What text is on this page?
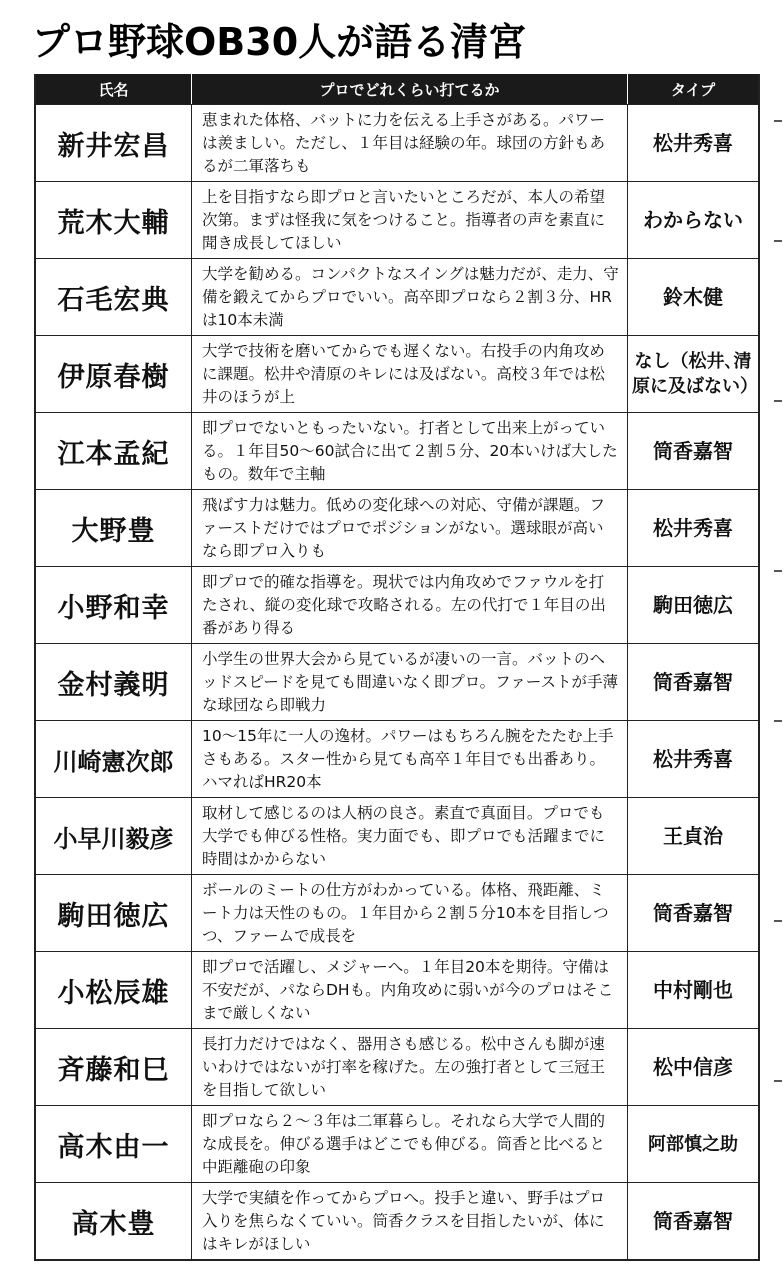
プロ野球OB30人が語る清宮
氏名	プロでどれくらい打てるか	タイプ
新井宏昌
恵まれた体格、バットに力を伝える上手さがある。パワーは羨ましい。ただし、１年目は経験の年。球団の方針もあるが二軍落ちも
松井秀喜
荒木大輔
上を目指すなら即プロと言いたいところだが、本人の希望次第。まずは怪我に気をつけること。指導者の声を素直に聞き成長してほしい
わからない
石毛宏典
大学を勧める。コンパクトなスイングは魅力だが、走力、守備を鍛えてからプロでいい。高卒即プロなら２割３分、HRは10本未満
鈴木健
伊原春樹
大学で技術を磨いてからでも遅くない。右投手の内角攻めに課題。松井や清原のキレには及ばない。高校３年では松井のほうが上
なし（松井､清原に及ばない）
江本孟紀
即プロでないともったいない。打者として出来上がっている。１年目50～60試合に出て２割５分、20本いけば大したもの。数年で主軸
筒香嘉智
大野豊
飛ばす力は魅力。低めの変化球への対応、守備が課題。ファーストだけではプロでポジションがない。選球眼が高いなら即プロ入りも
松井秀喜
小野和幸
即プロで的確な指導を。現状では内角攻めでファウルを打たされ、縦の変化球で攻略される。左の代打で１年目の出番があり得る
駒田徳広
金村義明
小学生の世界大会から見ているが凄いの一言。バットのヘッドスピードを見ても間違いなく即プロ。ファーストが手薄な球団なら即戦力
筒香嘉智
川崎憲次郎
10～15年に一人の逸材。パワーはもちろん腕をたたむ上手さもある。スター性から見ても高卒１年目でも出番あり。ハマればHR20本
松井秀喜
小早川毅彦
取材して感じるのは人柄の良さ。素直で真面目。プロでも大学でも伸びる性格。実力面でも、即プロでも活躍までに時間はかからない
王貞治
駒田徳広
ボールのミートの仕方がわかっている。体格、飛距離、ミート力は天性のもの。１年目から２割５分10本を目指しつつ、ファームで成長を
筒香嘉智
小松辰雄
即プロで活躍し、メジャーへ。１年目20本を期待。守備は不安だが、パならDHも。内角攻めに弱いが今のプロはそこまで厳しくない
中村剛也
斉藤和巳
長打力だけではなく、器用さも感じる。松中さんも脚が速いわけではないが打率を稼げた。左の強打者として三冠王を目指して欲しい
松中信彦
高木由一
即プロなら２～３年は二軍暮らし。それなら大学で人間的な成長を。伸びる選手はどこでも伸びる。筒香と比べると中距離砲の印象
阿部慎之助
高木豊
大学で実績を作ってからプロへ。投手と違い、野手はプロ入りを焦らなくていい。筒香クラスを目指したいが、体にはキレがほしい
筒香嘉智
